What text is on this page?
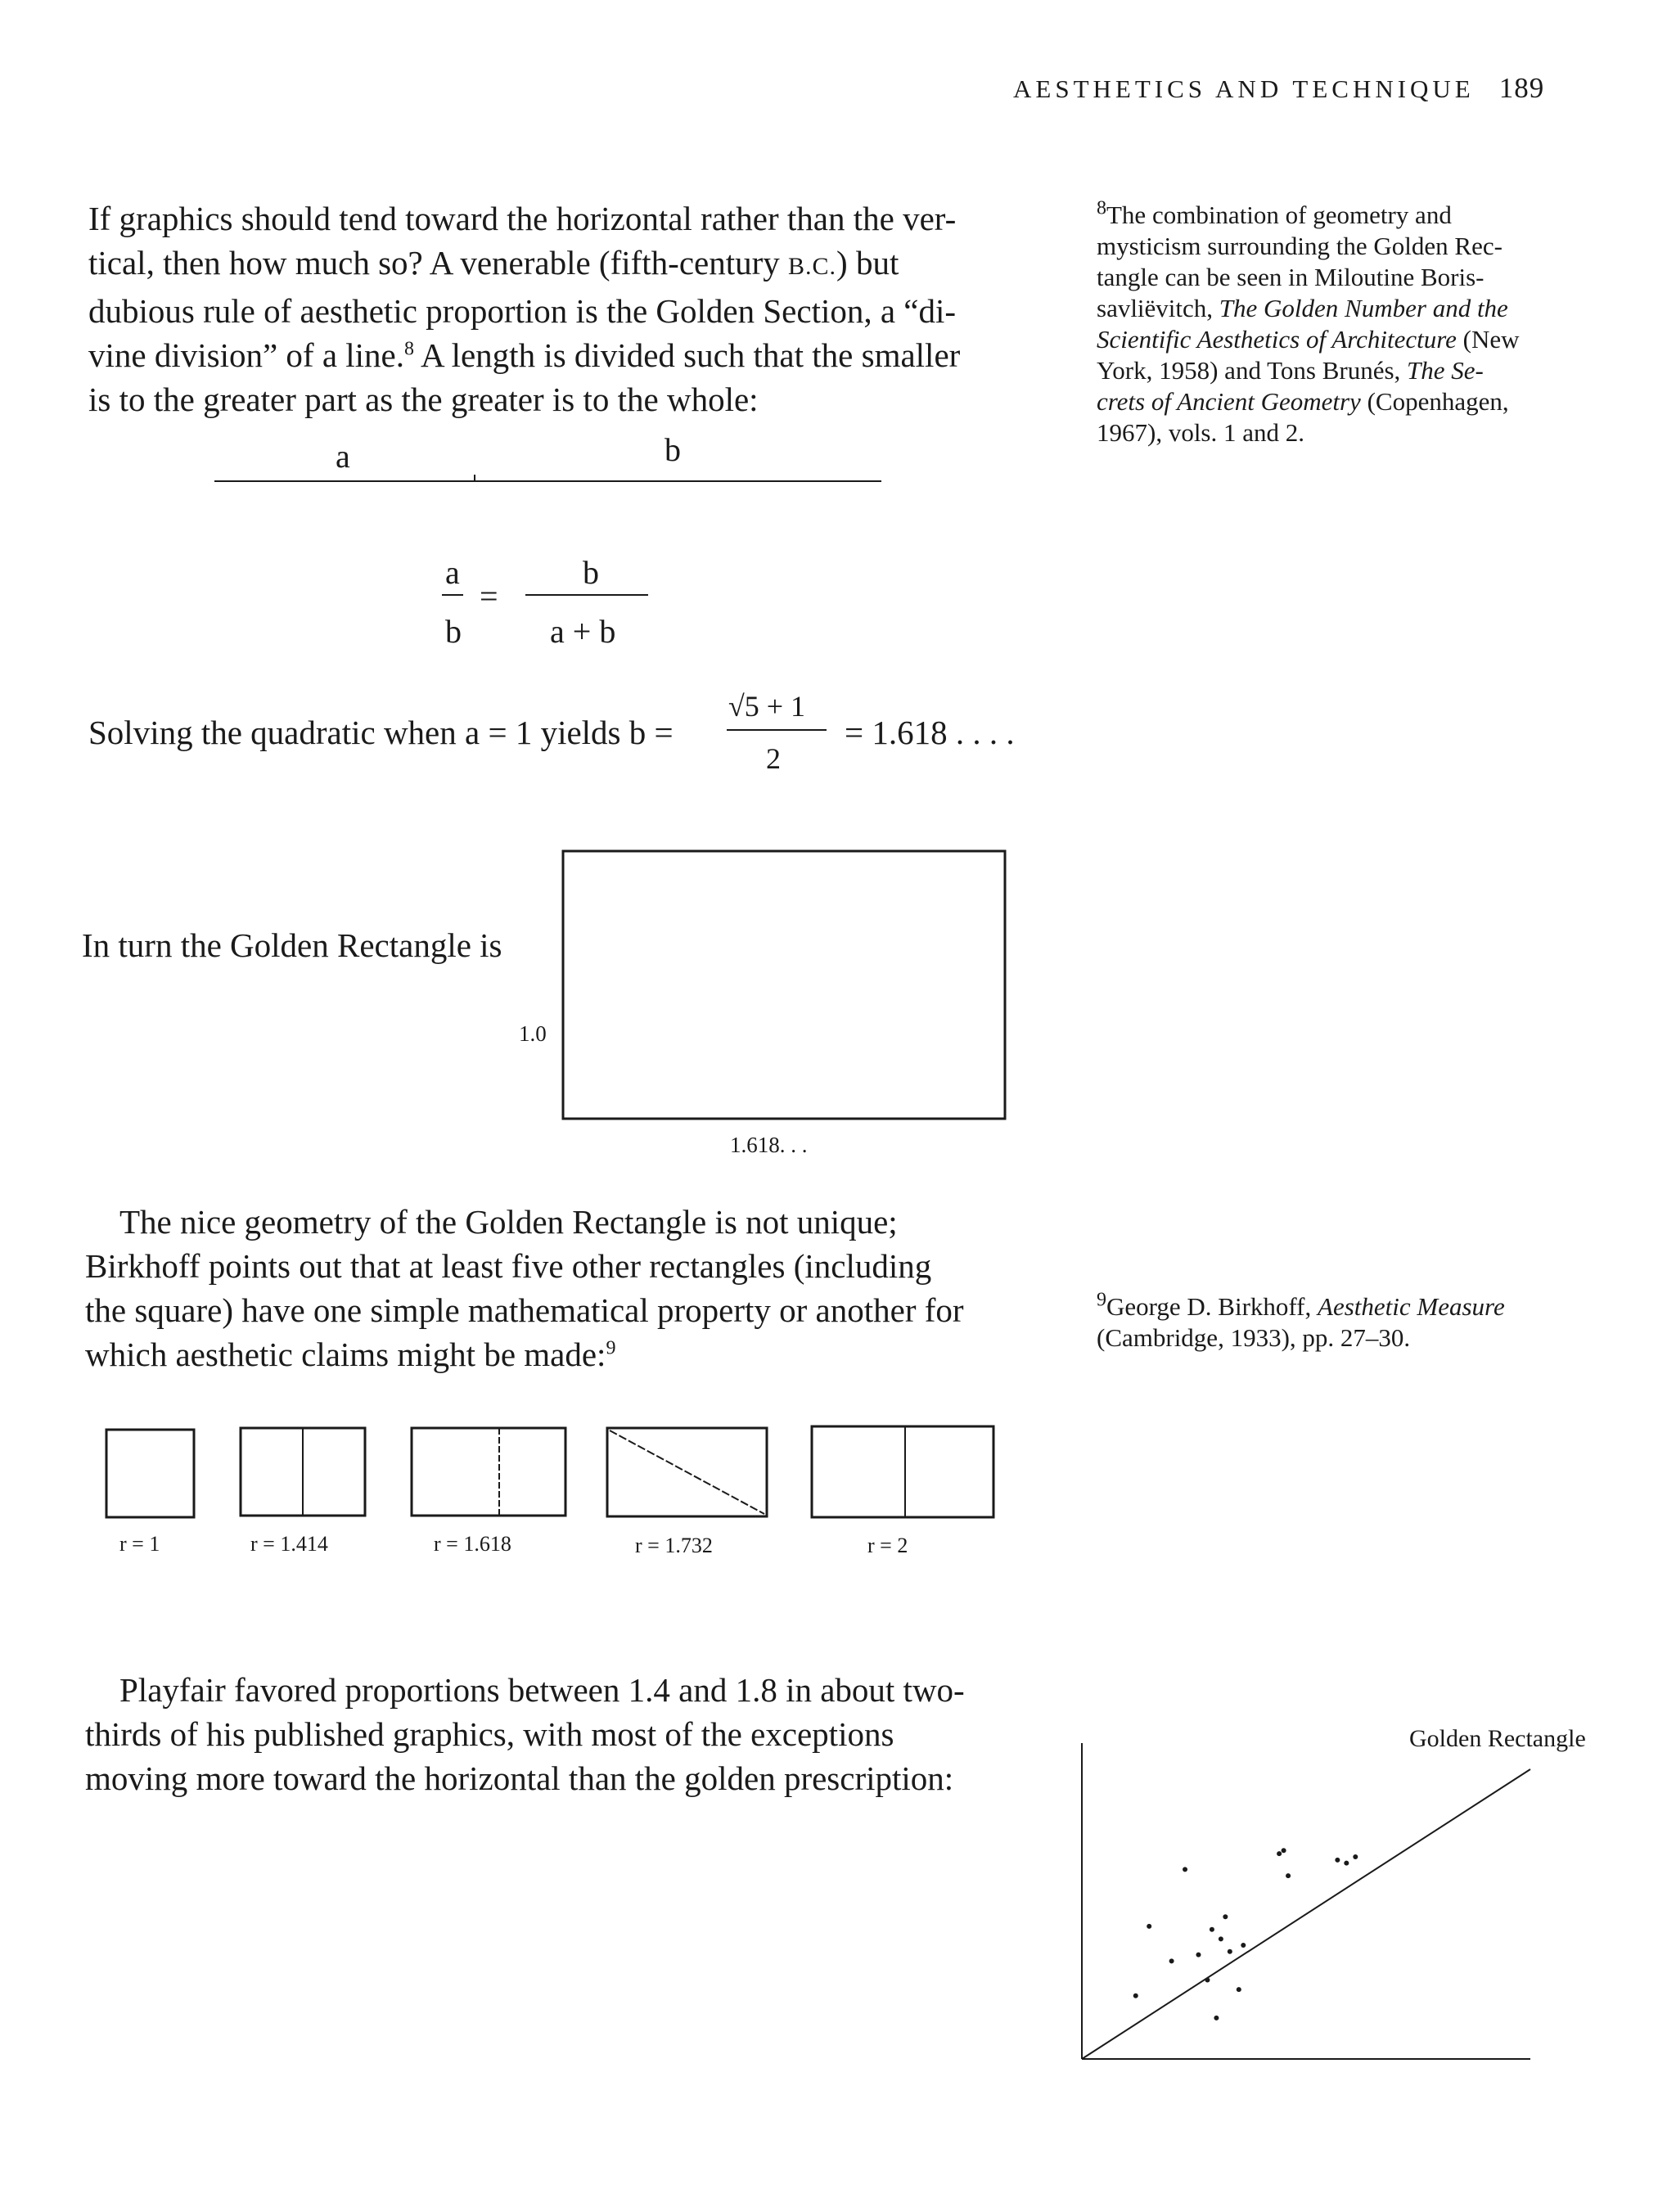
AESTHETICS AND TECHNIQUE 189
If graphics should tend toward the horizontal rather than the ver-
tical, then how much so? A venerable (fifth-century B.C.) but
dubious rule of aesthetic proportion is the Golden Section, a “di-
vine division” of a line.$^8$ A length is divided such that the smaller
is to the greater part as the greater is to the whole:
a	b
a
b
=
b
a + b
Solving the quadratic when a = 1 yields b =
√5 + 1
2
= 1.618 . . . .
In turn the Golden Rectangle is
1.0
1.618. . .
The nice geometry of the Golden Rectangle is not unique;
Birkhoff points out that at least five other rectangles (including
the square) have one simple mathematical property or another for
which aesthetic claims might be made:$^9$
r = 1	r = 1.414	r = 1.618	r = 1.732	r = 2
Playfair favored proportions between 1.4 and 1.8 in about two-
thirds of his published graphics, with most of the exceptions
moving more toward the horizontal than the golden prescription:
$^8$The combination of geometry and
mysticism surrounding the Golden Rec-
tangle can be seen in Miloutine Boris-
savliëvitch, The Golden Number and the
Scientific Aesthetics of Architecture (New
York, 1958) and Tons Brunés, The Se-
crets of Ancient Geometry (Copenhagen,
1967), vols. 1 and 2.
$^9$George D. Birkhoff, Aesthetic Measure
(Cambridge, 1933), pp. 27–30.
Golden Rectangle
